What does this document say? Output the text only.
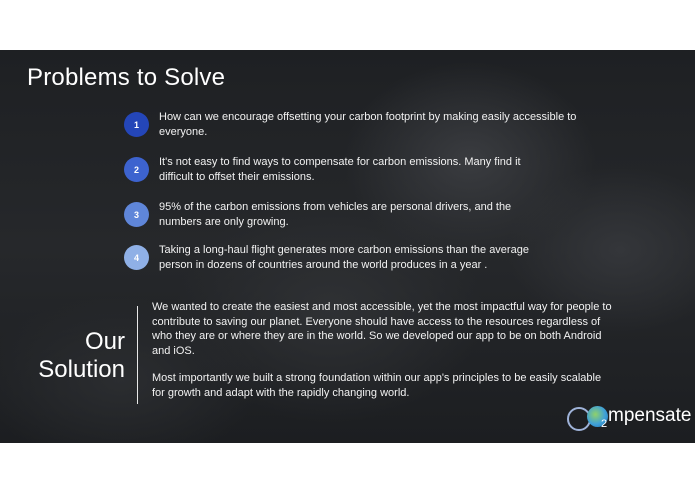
Problems to Solve
1
How can we encourage offsetting your carbon footprint by making easily accessible to everyone.
2
It's not easy to find ways to compensate for carbon emissions. Many find it difficult to offset their emissions.
3
95% of the carbon emissions from vehicles are personal drivers, and the numbers are only growing.
4
Taking a long-haul flight generates more carbon emissions than the average person in dozens of countries around the world produces in a year .
Our
Solution

We wanted to create the easiest and most accessible, yet the most impactful way for people to contribute to saving our planet. Everyone should have access to the resources regardless of who they are or where they are in the world. So we developed our app to be on both Android and iOS.

Most importantly we built a strong foundation within our app's principles to be easily scalable for growth and adapt with the rapidly changing world.

2 mpensate
